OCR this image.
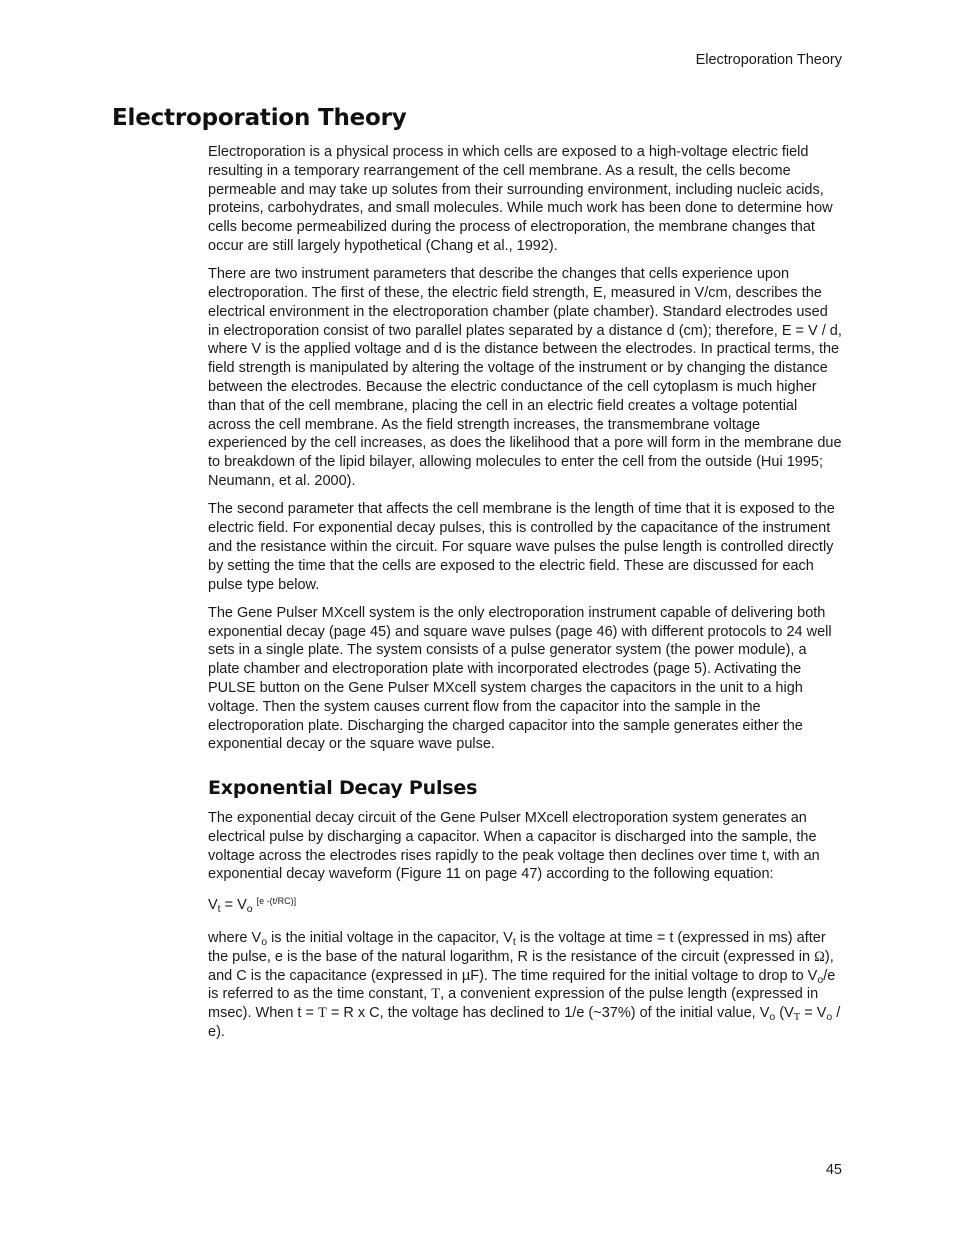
Electroporation Theory
Electroporation Theory

Electroporation is a physical process in which cells are exposed to a high-voltage electric field resulting in a temporary rearrangement of the cell membrane. As a result, the cells become permeable and may take up solutes from their surrounding environment, including nucleic acids, proteins, carbohydrates, and small molecules. While much work has been done to determine how cells become permeabilized during the process of electroporation, the membrane changes that occur are still largely hypothetical (Chang et al., 1992).

There are two instrument parameters that describe the changes that cells experience upon electroporation. The first of these, the electric field strength, E, measured in V/cm, describes the electrical environment in the electroporation chamber (plate chamber). Standard electrodes used in electroporation consist of two parallel plates separated by a distance d (cm); therefore, E = V / d, where V is the applied voltage and d is the distance between the electrodes. In practical terms, the field strength is manipulated by altering the voltage of the instrument or by changing the distance between the electrodes. Because the electric conductance of the cell cytoplasm is much higher than that of the cell membrane, placing the cell in an electric field creates a voltage potential across the cell membrane. As the field strength increases, the transmembrane voltage experienced by the cell increases, as does the likelihood that a pore will form in the membrane due to breakdown of the lipid bilayer, allowing molecules to enter the cell from the outside (Hui 1995; Neumann, et al. 2000).

The second parameter that affects the cell membrane is the length of time that it is exposed to the electric field. For exponential decay pulses, this is controlled by the capacitance of the instrument and the resistance within the circuit. For square wave pulses the pulse length is controlled directly by setting the time that the cells are exposed to the electric field. These are discussed for each pulse type below.

The Gene Pulser MXcell system is the only electroporation instrument capable of delivering both exponential decay (page 45) and square wave pulses (page 46) with different protocols to 24 well sets in a single plate. The system consists of a pulse generator system (the power module), a plate chamber and electroporation plate with incorporated electrodes (page 5). Activating the PULSE button on the Gene Pulser MXcell system charges the capacitors in the unit to a high voltage. Then the system causes current flow from the capacitor into the sample in the electroporation plate. Discharging the charged capacitor into the sample generates either the exponential decay or the square wave pulse.

Exponential Decay Pulses

The exponential decay circuit of the Gene Pulser MXcell electroporation system generates an electrical pulse by discharging a capacitor. When a capacitor is discharged into the sample, the voltage across the electrodes rises rapidly to the peak voltage then declines over time t, with an exponential decay waveform (Figure 11 on page 47) according to the following equation:

$V_t = V_o$ [e -(t/RC)]

where $V_o$ is the initial voltage in the capacitor, $V_t$ is the voltage at time = t (expressed in ms) after the pulse, e is the base of the natural logarithm, R is the resistance of the circuit (expressed in Ω), and C is the capacitance (expressed in µF). The time required for the initial voltage to drop to $V_o/e$ is referred to as the time constant, T, a convenient expression of the pulse length (expressed in msec). When t = T = R x C, the voltage has declined to 1/e (~37%) of the initial value, $V_o$ $(V_T = V_o / e)$.

45
